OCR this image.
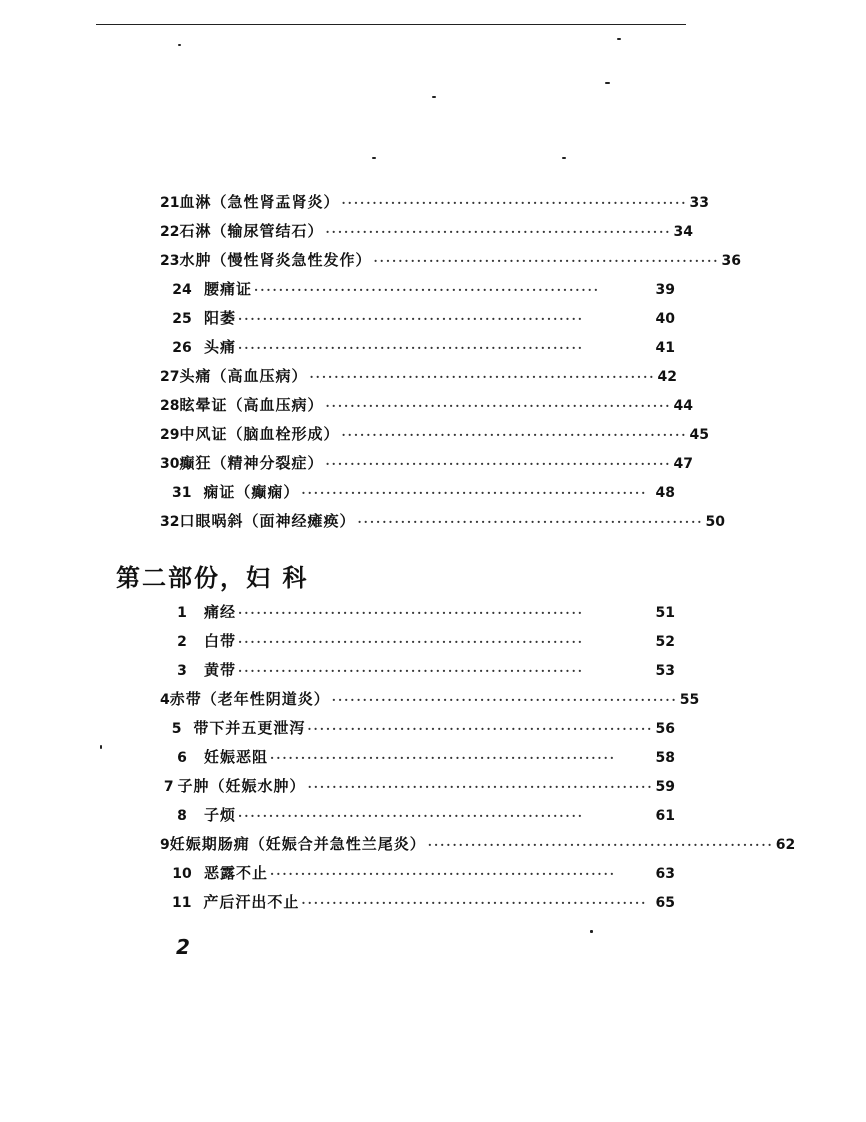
21 血淋（急性肾盂肾炎） ························································ 33
22 石淋（输尿管结石） ························································ 34
23 水肿（慢性肾炎急性发作） ························································ 36
24 腰痛证 ························································	39
25 阳萎 ························································	40
26 头痛 ························································	41
27 头痛（高血压病） ························································ 42
28 眩晕证（高血压病） ························································ 44
29 中风证（脑血栓形成） ························································ 45
30 癫狂（精神分裂症） ························································ 47
31 痫证（癫痫） ························································ 48
32 口眼㖞斜（面神经瘫痪） ························································ 50
第二部份，妇 科
1	痛经 ························································	51
2	白带 ························································	52
3	黄带 ························································	53
4 赤带（老年性阴道炎） ························································ 55
5 带下并五更泄泻 ························································ 56
6	妊娠恶阻 ························································	58
7 子肿（妊娠水肿） ························································ 59
8	子烦 ························································	61
9 妊娠期肠痈（妊娠合并急性兰尾炎） ························································ 62
10 恶露不止 ························································	63
11 产后汗出不止 ························································ 65
2
